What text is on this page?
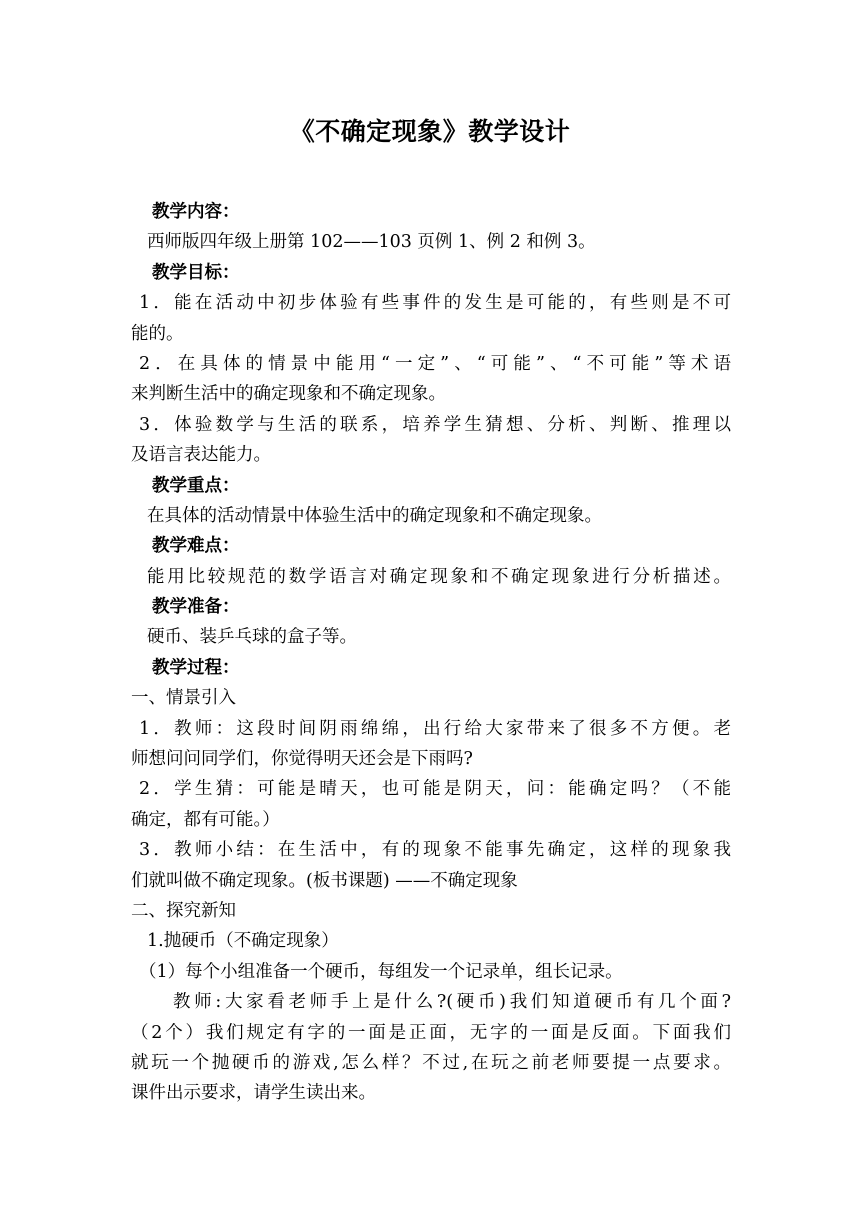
《不确定现象》教学设计
教学内容：
西师版四年级上册第 102——103 页例 1、例 2 和例 3。
教学目标：
1．能在活动中初步体验有些事件的发生是可能的，有些则是不可
能的。
2．在具体的情景中能用“一定”、“可能”、“不可能”等术语
来判断生活中的确定现象和不确定现象。
3．体验数学与生活的联系，培养学生猜想、分析、判断、推理以
及语言表达能力。
教学重点：
在具体的活动情景中体验生活中的确定现象和不确定现象。
教学难点：
能用比较规范的数学语言对确定现象和不确定现象进行分析描述。
教学准备：
硬币、装乒乓球的盒子等。
教学过程：
一、情景引入
1．教师：这段时间阴雨绵绵，出行给大家带来了很多不方便。老
师想问问同学们，你觉得明天还会是下雨吗?
2．学生猜：可能是晴天，也可能是阴天，问：能确定吗？（不能
确定，都有可能。）
3．教师小结：在生活中，有的现象不能事先确定，这样的现象我
们就叫做不确定现象。(板书课题) ——不确定现象
二、探究新知
1.抛硬币（不确定现象）
（1）每个小组准备一个硬币，每组发一个记录单，组长记录。
教师:大家看老师手上是什么?(硬币)我们知道硬币有几个面?
（2个）我们规定有字的一面是正面，无字的一面是反面。下面我们
就玩一个抛硬币的游戏,怎么样？不过,在玩之前老师要提一点要求。
课件出示要求，请学生读出来。
